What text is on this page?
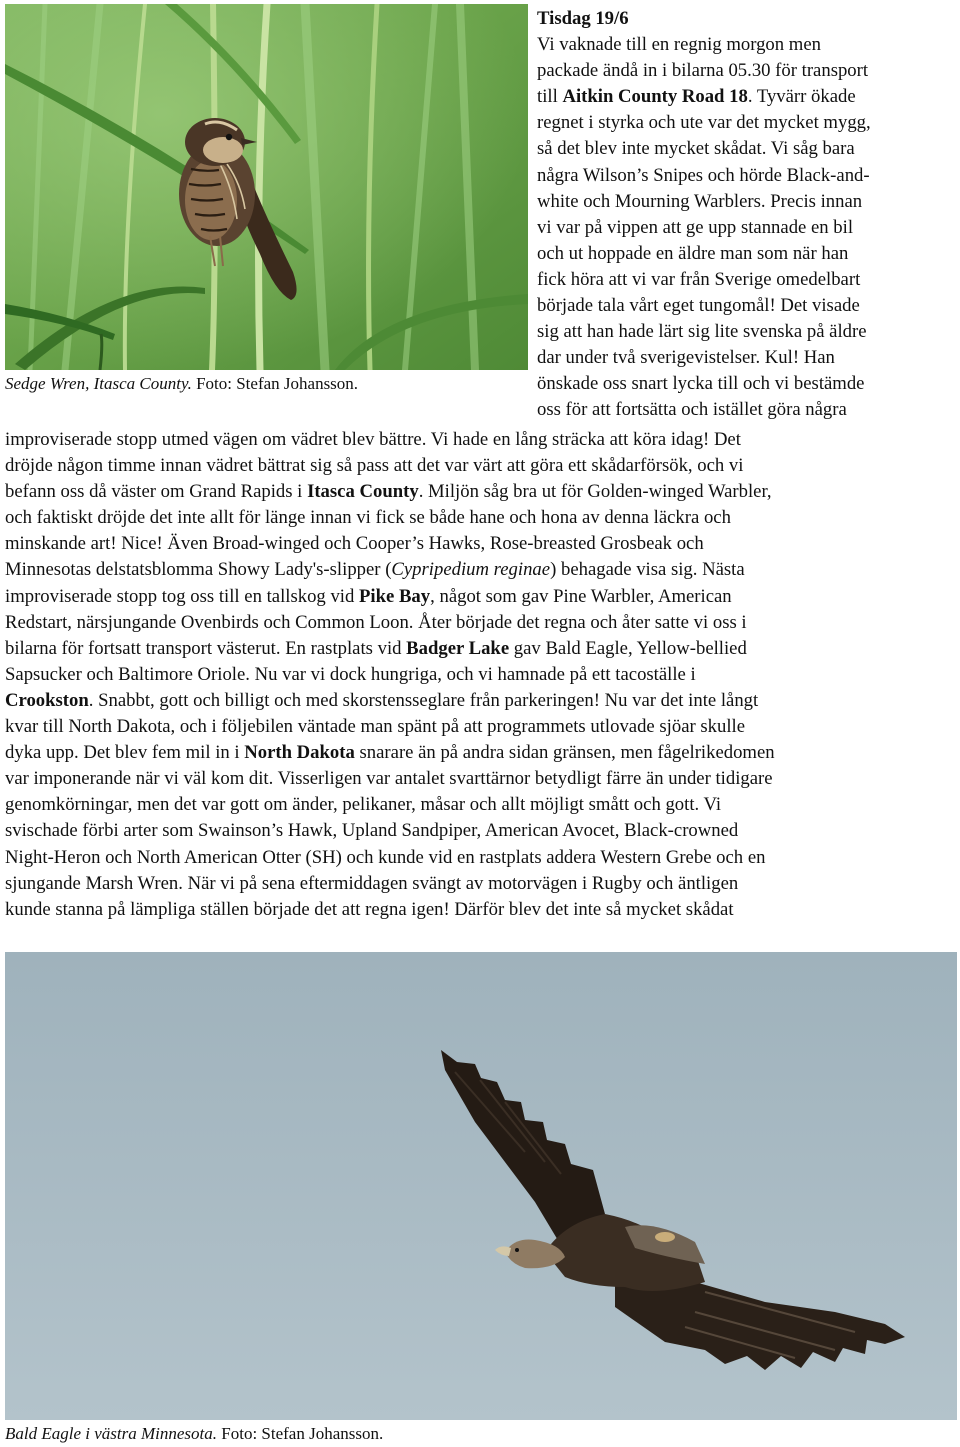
Sedge Wren, Itasca County. Foto: Stefan Johansson.
Tisdag 19/6
Vi vaknade till en regnig morgon men
packade ändå in i bilarna 05.30 för transport
till Aitkin County Road 18. Tyvärr ökade
regnet i styrka och ute var det mycket mygg,
så det blev inte mycket skådat. Vi såg bara
några Wilson’s Snipes och hörde Black-and-
white och Mourning Warblers. Precis innan
vi var på vippen att ge upp stannade en bil
och ut hoppade en äldre man som när han
fick höra att vi var från Sverige omedelbart
började tala vårt eget tungomål! Det visade
sig att han hade lärt sig lite svenska på äldre
dar under två sverigevistelser. Kul! Han
önskade oss snart lycka till och vi bestämde
oss för att fortsätta och istället göra några
improviserade stopp utmed vägen om vädret blev bättre. Vi hade en lång sträcka att köra idag! Det
dröjde någon timme innan vädret bättrat sig så pass att det var värt att göra ett skådarförsök, och vi
befann oss då väster om Grand Rapids i Itasca County. Miljön såg bra ut för Golden-winged Warbler,
och faktiskt dröjde det inte allt för länge innan vi fick se både hane och hona av denna läckra och
minskande art! Nice! Även Broad-winged och Cooper’s Hawks, Rose-breasted Grosbeak och
Minnesotas delstatsblomma Showy Lady's-slipper (Cypripedium reginae) behagade visa sig. Nästa
improviserade stopp tog oss till en tallskog vid Pike Bay, något som gav Pine Warbler, American
Redstart, närsjungande Ovenbirds och Common Loon. Åter började det regna och åter satte vi oss i
bilarna för fortsatt transport västerut. En rastplats vid Badger Lake gav Bald Eagle, Yellow-bellied
Sapsucker och Baltimore Oriole. Nu var vi dock hungriga, och vi hamnade på ett tacoställe i
Crookston. Snabbt, gott och billigt och med skorstensseglare från parkeringen! Nu var det inte långt
kvar till North Dakota, och i följebilen väntade man spänt på att programmets utlovade sjöar skulle
dyka upp. Det blev fem mil in i North Dakota snarare än på andra sidan gränsen, men fågelrikedomen
var imponerande när vi väl kom dit. Visserligen var antalet svarttärnor betydligt färre än under tidigare
genomkörningar, men det var gott om änder, pelikaner, måsar och allt möjligt smått och gott. Vi
svischade förbi arter som Swainson’s Hawk, Upland Sandpiper, American Avocet, Black-crowned
Night-Heron och North American Otter (SH) och kunde vid en rastplats addera Western Grebe och en
sjungande Marsh Wren. När vi på sena eftermiddagen svängt av motorvägen i Rugby och äntligen
kunde stanna på lämpliga ställen började det att regna igen! Därför blev det inte så mycket skådat
Bald Eagle i västra Minnesota. Foto: Stefan Johansson.
